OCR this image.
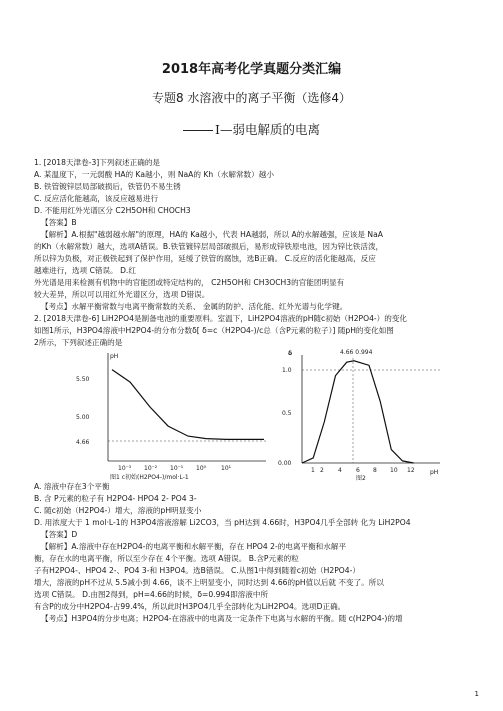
2018年高考化学真题分类汇编
专题8 水溶液中的离子平衡（选修4）
I—弱电解质的电离
1. [2018天津卷-3]下列叙述正确的是
A. 某温度下，一元弱酸 HA的 Ka越小，则 NaA的 Kh（水解常数）越小
B. 铁管镀锌层局部破损后，铁管仍不易生锈
C. 反应活化能越高，该反应越易进行
D. 不能用红外光谱区分 C2H5OH和 CHOCH3
【答案】B
【解析】A.根据"越弱越水解"的原理，HA的 Ka越小，代表 HA越弱，所以 A的水解越强，应该是 NaA
的Kh（水解常数）越大，选项A错误。B.铁管镀锌层局部破损后，易形成锌铁原电池，因为锌比铁活泼，
所以锌为负极，对正极铁起到了保护作用，延缓了铁管的腐蚀，选B正确。 C.反应的活化能越高，反应
越难进行，选项 C错误。 D.红
外光谱是用来检测有机物中的官能团或特定结构的， C2H5OH和 CH3OCH3的官能团明显有
较大差异，所以可以用红外光谱区分，选项 D错误。
【考点】水解平衡常数与电离平衡常数的关系、 金属的防护、活化能、红外光谱与化学键。
2. [2018天津卷-6] LiH2PO4是制备电池的重要原料。室温下，LiH2PO4溶液的pH随c初始（H2PO4-）的变化
如图1所示，H3PO4溶液中H2PO4-的分布分数δ[ δ=c（H2PO4-)/c总（含P元素的粒子）] 随pH的变化如图
2所示，下列叙述正确的是
pH
5.50
5.00
4.66
10⁻³ 10⁻² 10⁻¹ 10⁰ 10¹
图1 c初始(H2PO4-)/mol·L-1
δ	4.66 0.994
1.0
0.5
0.00
1 2 4 6 8 10 12	pH
图2
A. 溶液中存在3个平衡
B. 含 P元素的粒子有 H2PO4- HPO4 2- PO4 3-
C. 随c初始（H2PO4-）增大，溶液的pH明显变小
D. 用浓度大于 1 mol·L-1的 H3PO4溶液溶解 Li2CO3，当 pH达到 4.66时，H3PO4几乎全部转 化为 LiH2PO4
【答案】D
【解析】A.溶液中存在H2PO4-的电离平衡和水解平衡，存在 HPO4 2-的电离平衡和水解平
衡，存在水的电离平衡，所以至少存在 4个平衡。选项 A错误。 B.含P元素的粒
子有H2PO4-、HPO4 2-、PO4 3-和 H3PO4。选B错误。 C.从图1中得到随着c初始（H2PO4-）
增大，溶液的pH不过从 5.5减小到 4.66，谈不上明显变小，同时达到 4.66的pH值以后就 不变了。所以
选项 C错误。 D.由图2得到，pH=4.66的时候，δ=0.994即溶液中所
有含P的成分中H2PO4-占99.4%，所以此时H3PO4几乎全部转化为LiH2PO4。选项D正确。
【考点】H3PO4的分步电离；H2PO4-在溶液中的电离及一定条件下电离与水解的平衡。随 c(H2PO4-)的增
1
